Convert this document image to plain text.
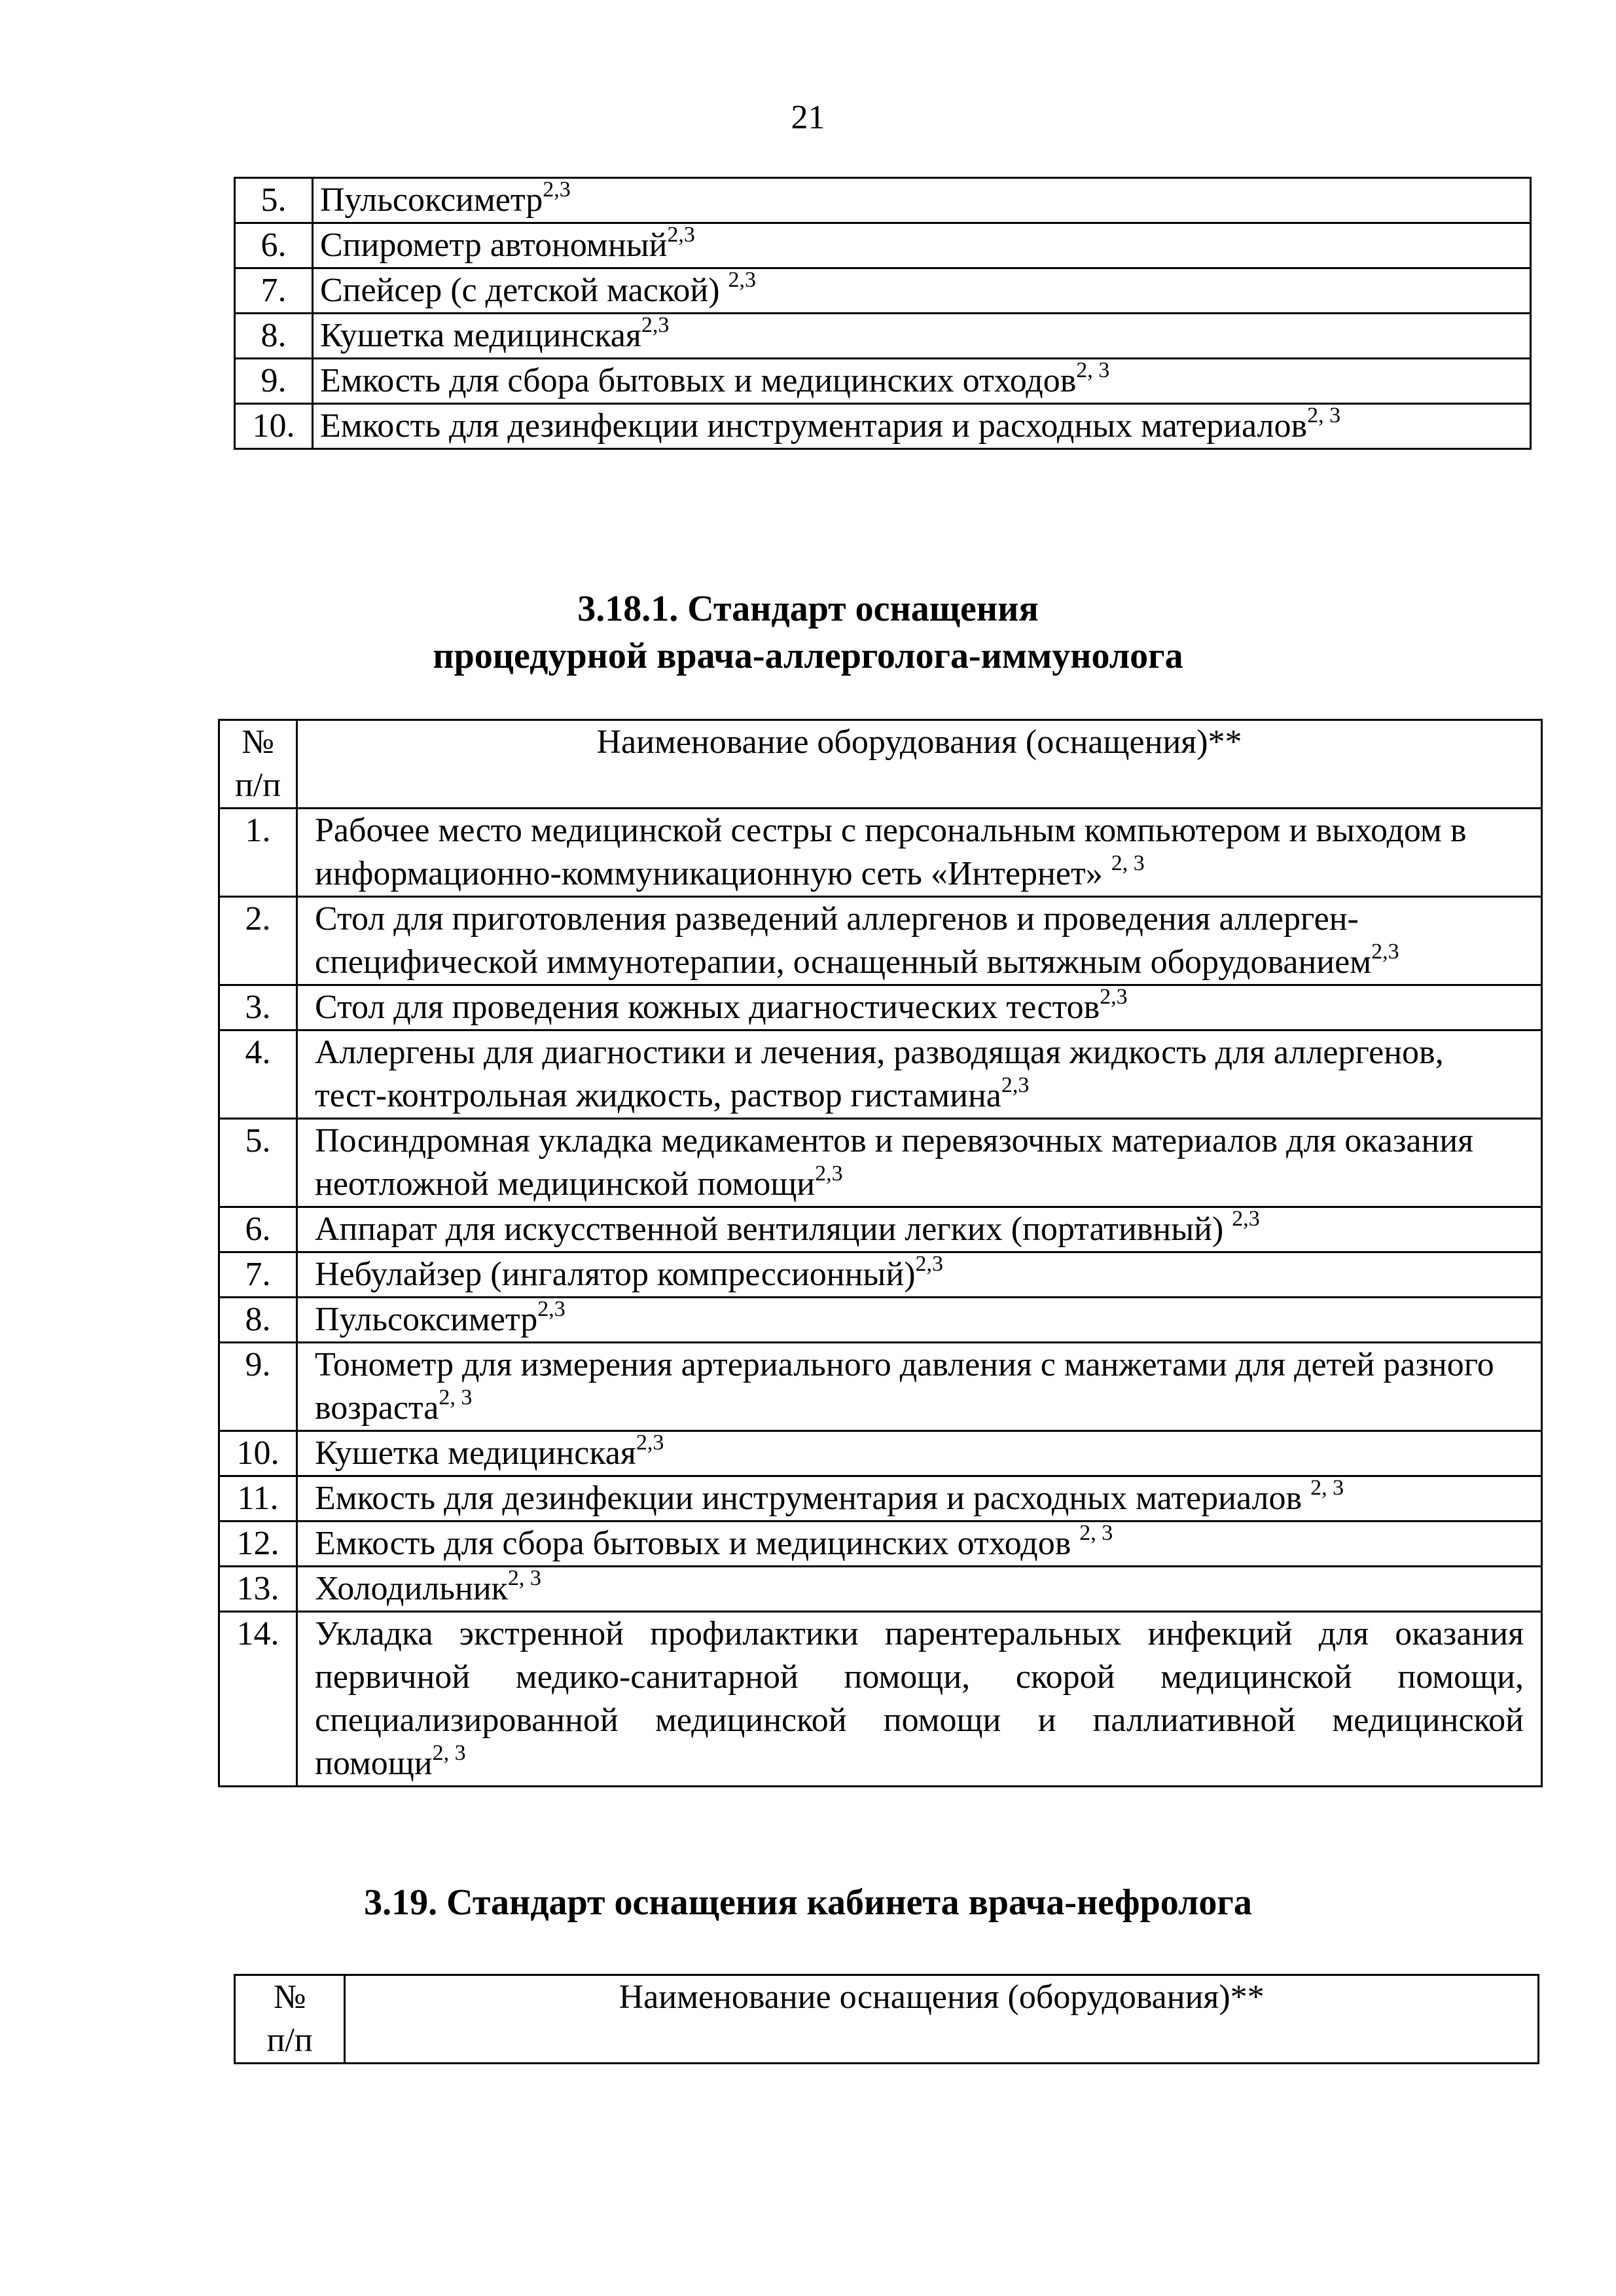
21
5.	Пульсоксиметр$^{2,3}$
6.	Спирометр автономный$^{2,3}$
7.	Спейсер (с детской маской) $^{2,3}$
8.	Кушетка медицинская$^{2,3}$
9.	Емкость для сбора бытовых и медицинских отходов$^{2, 3}$
10.	Емкость для дезинфекции инструментария и расходных материалов$^{2, 3}$
3.18.1. Стандарт оснащения
процедурной врача-аллерголога-иммунолога
№
п/п	Наименование оборудования (оснащения)**
1.	Рабочее место медицинской сестры с персональным компьютером и выходом в информационно-коммуникационную сеть «Интернет» $^{2, 3}$
2.	Стол для приготовления разведений аллергенов и проведения аллерген-специфической иммунотерапии, оснащенный вытяжным оборудованием$^{2,3}$
3.	Стол для проведения кожных диагностических тестов$^{2,3}$
4.	Аллергены для диагностики и лечения, разводящая жидкость для аллергенов, тест-контрольная жидкость, раствор гистамина$^{2,3}$
5.	Посиндромная укладка медикаментов и перевязочных материалов для оказания неотложной медицинской помощи$^{2,3}$
6.	Аппарат для искусственной вентиляции легких (портативный) $^{2,3}$
7.	Небулайзер (ингалятор компрессионный)$^{2,3}$
8.	Пульсоксиметр$^{2,3}$
9.	Тонометр для измерения артериального давления с манжетами для детей разного возраста$^{2, 3}$
10.	Кушетка медицинская$^{2,3}$
11.	Емкость для дезинфекции инструментария и расходных материалов $^{2, 3}$
12.	Емкость для сбора бытовых и медицинских отходов $^{2, 3}$
13.	Холодильник$^{2, 3}$
14.	Укладка экстренной профилактики парентеральных инфекций для оказания первичной медико-санитарной помощи, скорой медицинской помощи, специализированной медицинской помощи и паллиативной медицинской помощи$^{2, 3}$
3.19. Стандарт оснащения кабинета врача-нефролога
№
п/п
	Наименование оснащения (оборудования)**
